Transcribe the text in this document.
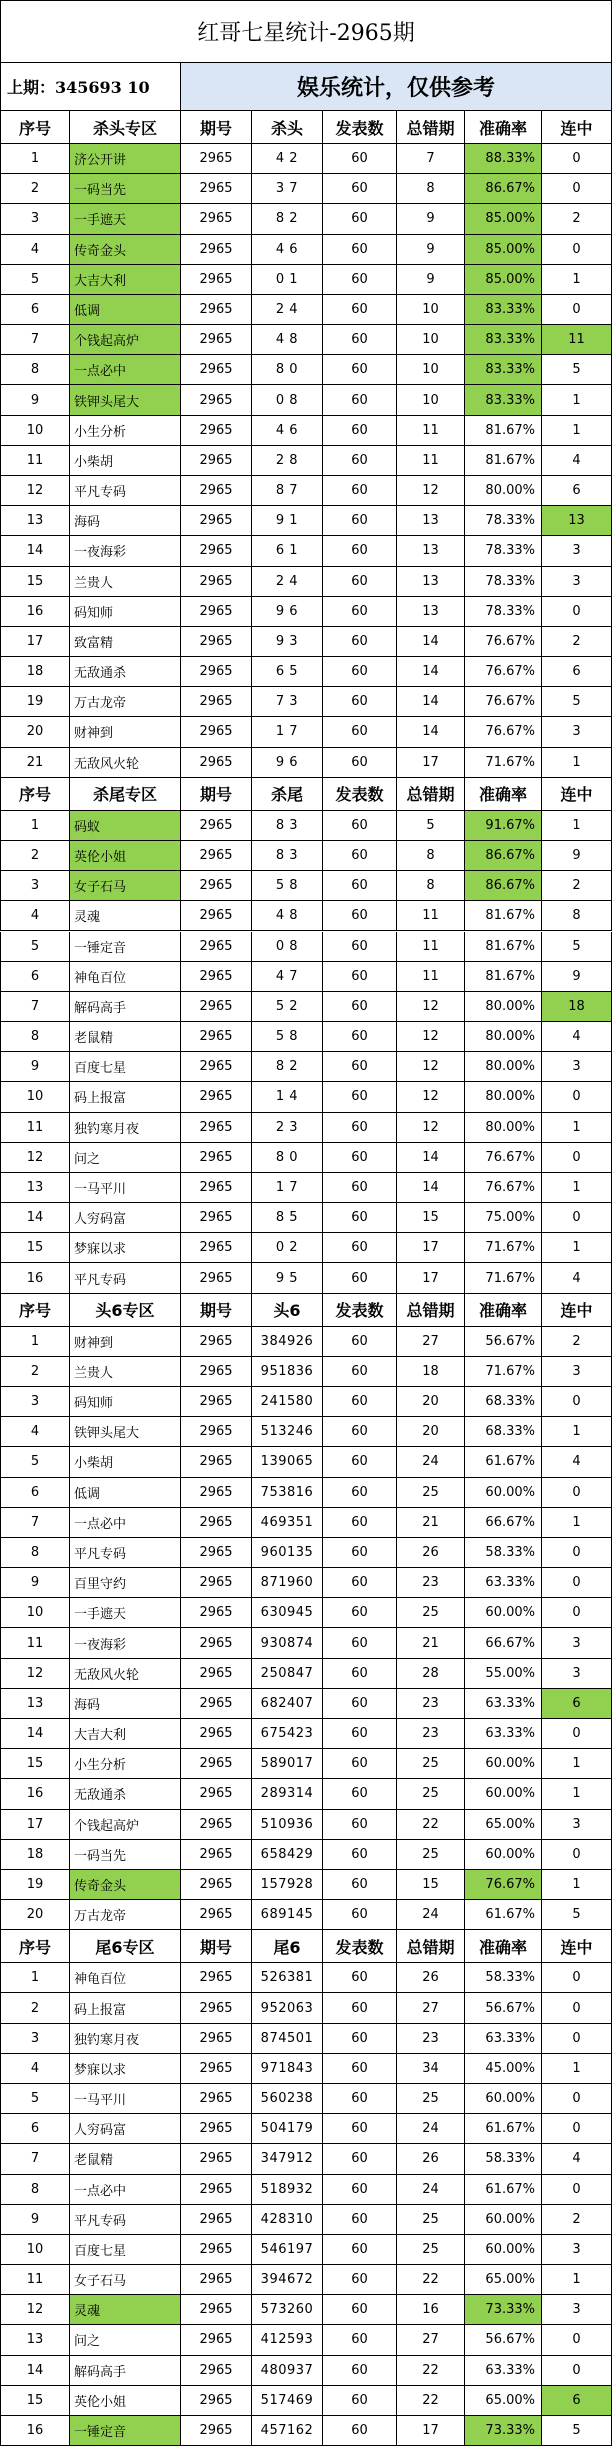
红哥七星统计-2965期
上期：345693 10	娱乐统计，仅供参考
序号	杀头专区	期号	杀头	发表数	总错期	准确率	连中
1	济公开讲	2965	4 2	60	7	88.33%	0
2	一码当先	2965	3 7	60	8	86.67%	0
3	一手遮天	2965	8 2	60	9	85.00%	2
4	传奇金头	2965	4 6	60	9	85.00%	0
5	大吉大利	2965	0 1	60	9	85.00%	1
6	低调	2965	2 4	60	10	83.33%	0
7	个钱起高炉	2965	4 8	60	10	83.33%	11
8	一点必中	2965	8 0	60	10	83.33%	5
9	铁钾头尾大	2965	0 8	60	10	83.33%	1
10	小生分析	2965	4 6	60	11	81.67%	1
11	小柴胡	2965	2 8	60	11	81.67%	4
12	平凡专码	2965	8 7	60	12	80.00%	6
13	海码	2965	9 1	60	13	78.33%	13
14	一夜海彩	2965	6 1	60	13	78.33%	3
15	兰贵人	2965	2 4	60	13	78.33%	3
16	码知师	2965	9 6	60	13	78.33%	0
17	致富精	2965	9 3	60	14	76.67%	2
18	无敌通杀	2965	6 5	60	14	76.67%	6
19	万古龙帝	2965	7 3	60	14	76.67%	5
20	财神到	2965	1 7	60	14	76.67%	3
21	无敌风火轮	2965	9 6	60	17	71.67%	1
序号	杀尾专区	期号	杀尾	发表数	总错期	准确率	连中
1	码蚁	2965	8 3	60	5	91.67%	1
2	英伦小姐	2965	8 3	60	8	86.67%	9
3	女子石马	2965	5 8	60	8	86.67%	2
4	灵魂	2965	4 8	60	11	81.67%	8
5	一锤定音	2965	0 8	60	11	81.67%	5
6	神龟百位	2965	4 7	60	11	81.67%	9
7	解码高手	2965	5 2	60	12	80.00%	18
8	老鼠精	2965	5 8	60	12	80.00%	4
9	百度七星	2965	8 2	60	12	80.00%	3
10	码上报富	2965	1 4	60	12	80.00%	0
11	独钓寒月夜	2965	2 3	60	12	80.00%	1
12	问之	2965	8 0	60	14	76.67%	0
13	一马平川	2965	1 7	60	14	76.67%	1
14	人穷码富	2965	8 5	60	15	75.00%	0
15	梦寐以求	2965	0 2	60	17	71.67%	1
16	平凡专码	2965	9 5	60	17	71.67%	4
序号	头6专区	期号	头6	发表数	总错期	准确率	连中
1	财神到	2965	384926	60	27	56.67%	2
2	兰贵人	2965	951836	60	18	71.67%	3
3	码知师	2965	241580	60	20	68.33%	0
4	铁钾头尾大	2965	513246	60	20	68.33%	1
5	小柴胡	2965	139065	60	24	61.67%	4
6	低调	2965	753816	60	25	60.00%	0
7	一点必中	2965	469351	60	21	66.67%	1
8	平凡专码	2965	960135	60	26	58.33%	0
9	百里守约	2965	871960	60	23	63.33%	0
10	一手遮天	2965	630945	60	25	60.00%	0
11	一夜海彩	2965	930874	60	21	66.67%	3
12	无敌风火轮	2965	250847	60	28	55.00%	3
13	海码	2965	682407	60	23	63.33%	6
14	大吉大利	2965	675423	60	23	63.33%	0
15	小生分析	2965	589017	60	25	60.00%	1
16	无敌通杀	2965	289314	60	25	60.00%	1
17	个钱起高炉	2965	510936	60	22	65.00%	3
18	一码当先	2965	658429	60	25	60.00%	0
19	传奇金头	2965	157928	60	15	76.67%	1
20	万古龙帝	2965	689145	60	24	61.67%	5
序号	尾6专区	期号	尾6	发表数	总错期	准确率	连中
1	神龟百位	2965	526381	60	26	58.33%	0
2	码上报富	2965	952063	60	27	56.67%	0
3	独钓寒月夜	2965	874501	60	23	63.33%	0
4	梦寐以求	2965	971843	60	34	45.00%	1
5	一马平川	2965	560238	60	25	60.00%	0
6	人穷码富	2965	504179	60	24	61.67%	0
7	老鼠精	2965	347912	60	26	58.33%	4
8	一点必中	2965	518932	60	24	61.67%	0
9	平凡专码	2965	428310	60	25	60.00%	2
10	百度七星	2965	546197	60	25	60.00%	3
11	女子石马	2965	394672	60	22	65.00%	1
12	灵魂	2965	573260	60	16	73.33%	3
13	问之	2965	412593	60	27	56.67%	0
14	解码高手	2965	480937	60	22	63.33%	0
15	英伦小姐	2965	517469	60	22	65.00%	6
16	一锤定音	2965	457162	60	17	73.33%	5
